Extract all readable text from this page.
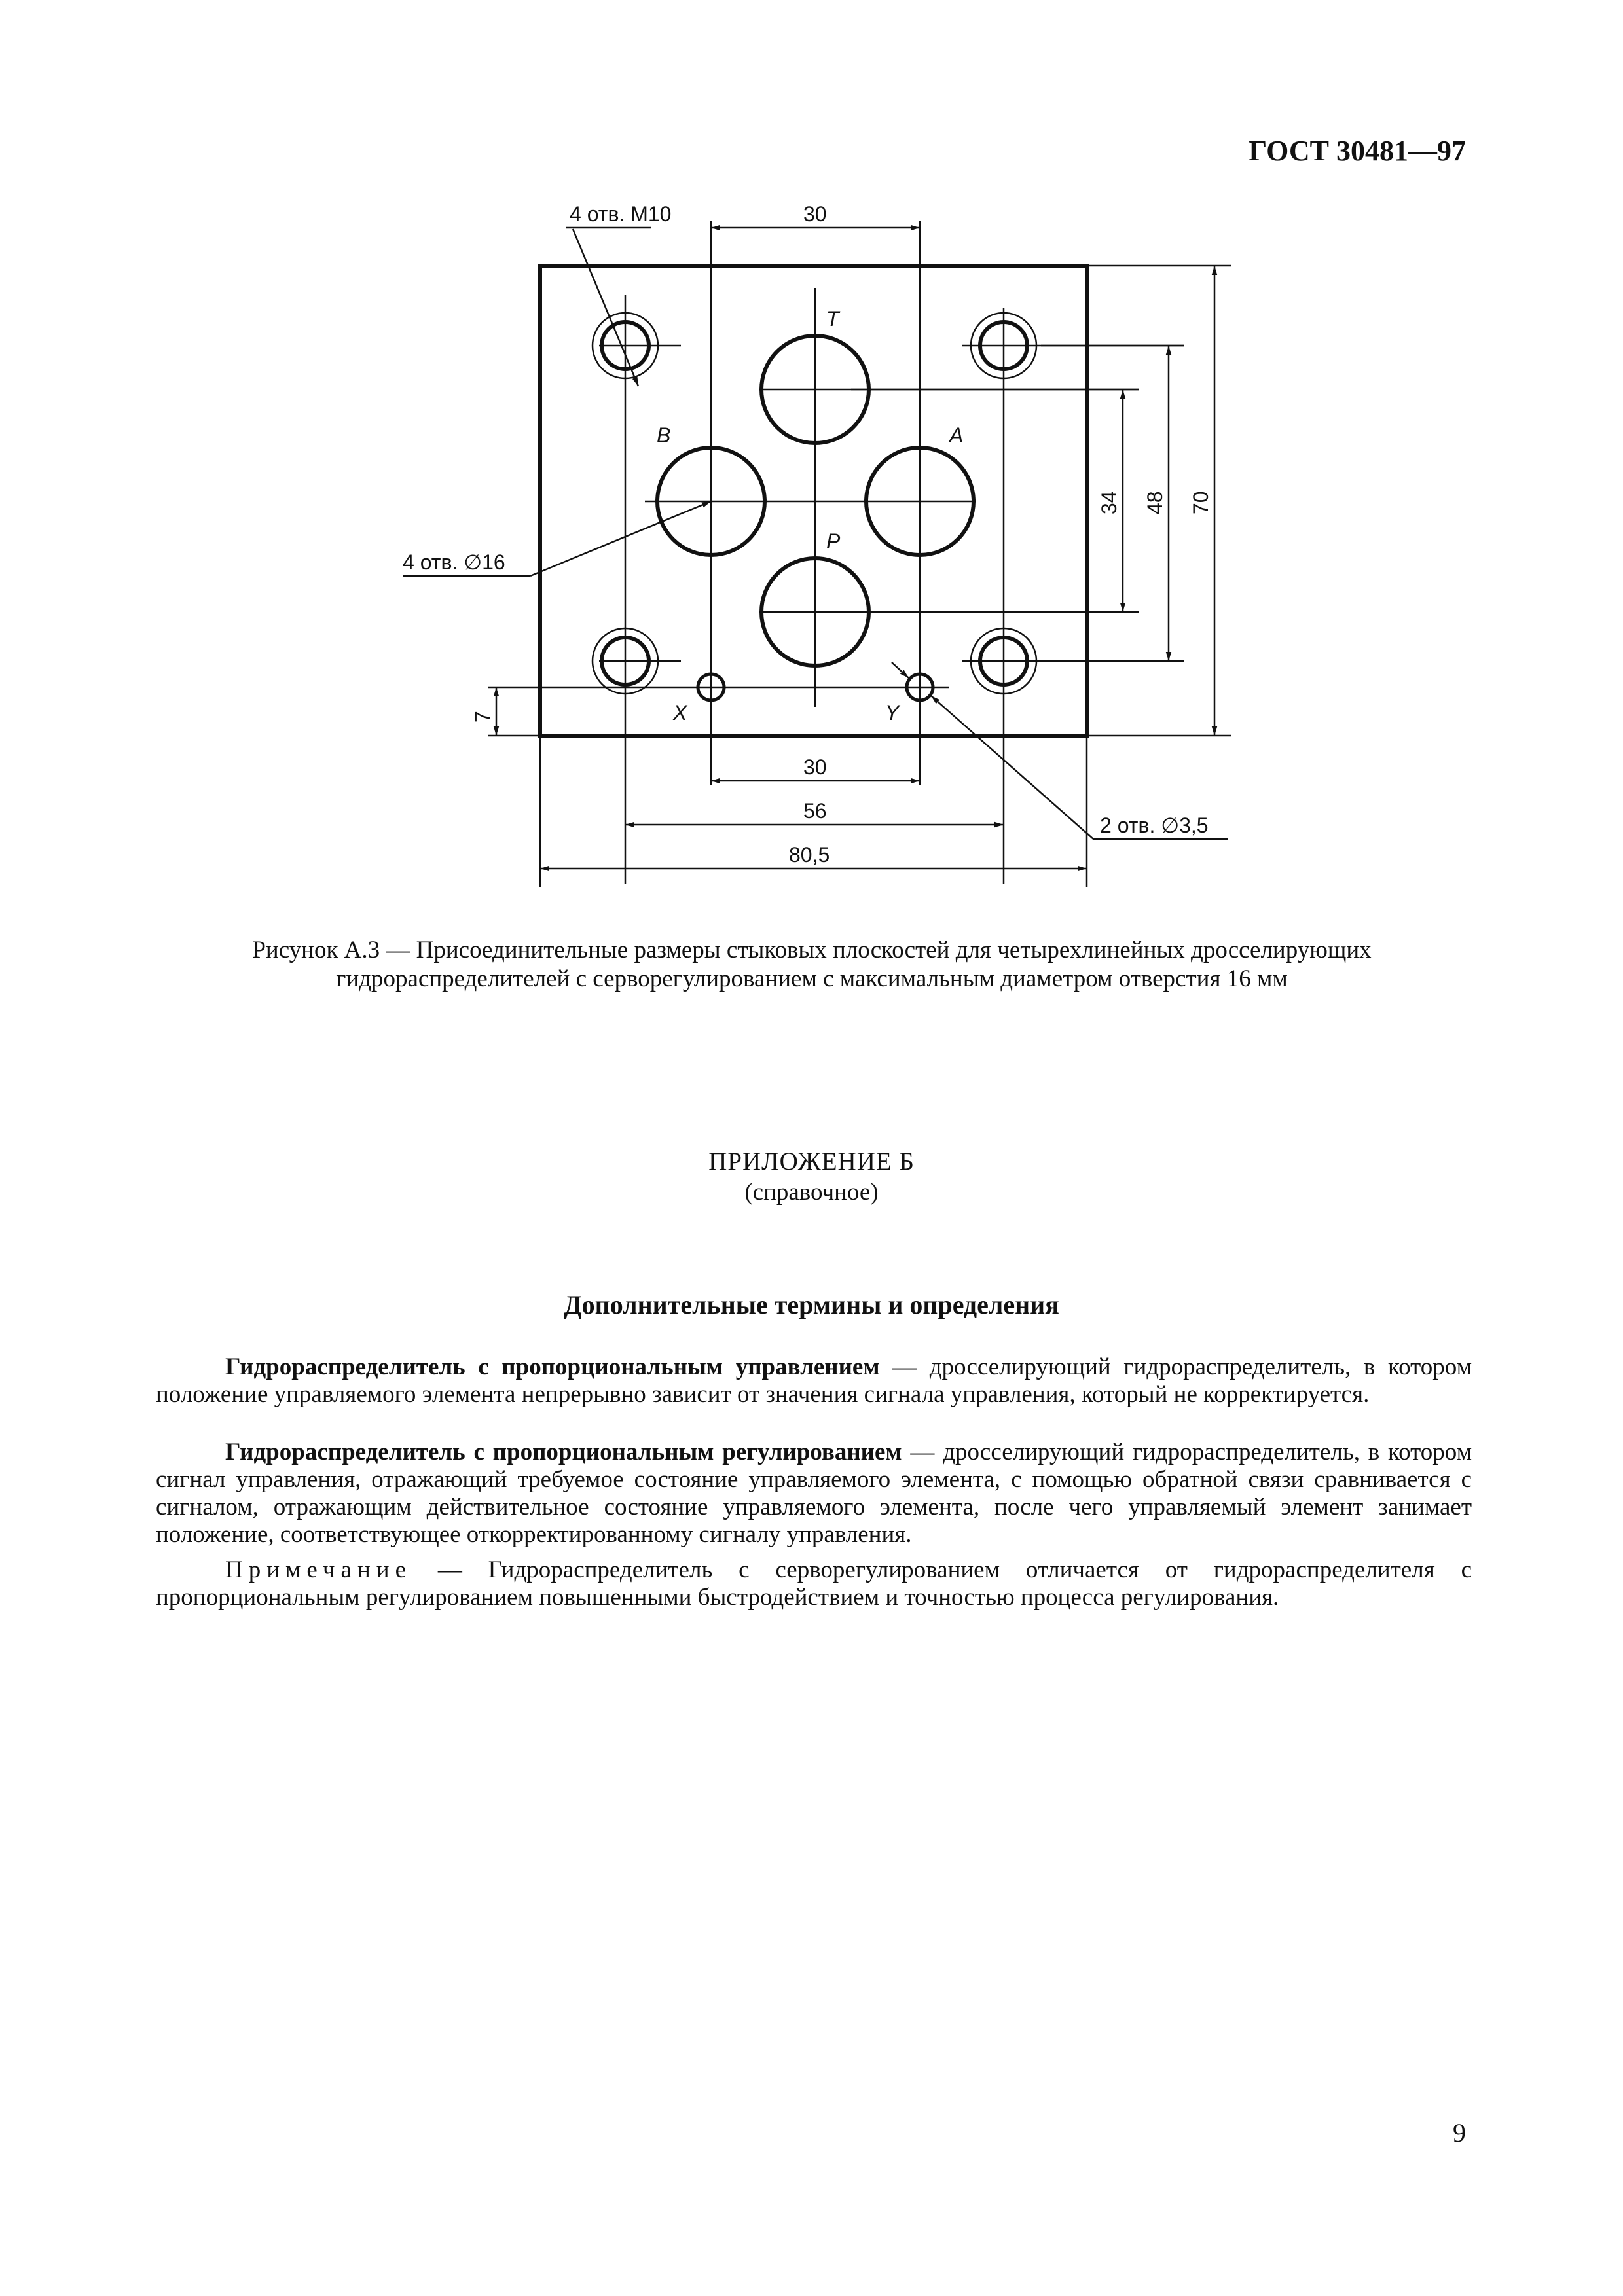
ГОСТ 30481—97
4 отв. М10
4 отв. ∅16
2 отв. ∅3,5
T
B	A
P
X	Y
30
30
56
80,5
34 48 70
7
Рисунок А.3 — Присоединительные размеры стыковых плоскостей для четырехлинейных дросселирующих
гидрораспределителей с серворегулированием с максимальным диаметром отверстия 16 мм
ПРИЛОЖЕНИЕ Б
(справочное)
Дополнительные термины и определения
Гидрораспределитель с пропорциональным управлением — дросселирующий гидрораспределитель, в котором положение управляемого элемента непрерывно зависит от значения сигнала управления, который не корректируется.
Гидрораспределитель с пропорциональным регулированием — дросселирующий гидрораспределитель, в котором сигнал управления, отражающий требуемое состояние управляемого элемента, с помощью обратной связи сравнивается с сигналом, отражающим действительное состояние управляемого элемента, после чего управляемый элемент занимает положение, соответствующее откорректированному сигналу управления.
Примечание — Гидрораспределитель с серворегулированием отличается от гидрораспределителя с пропорциональным регулированием повышенными быстродействием и точностью процесса регулирования.
9
